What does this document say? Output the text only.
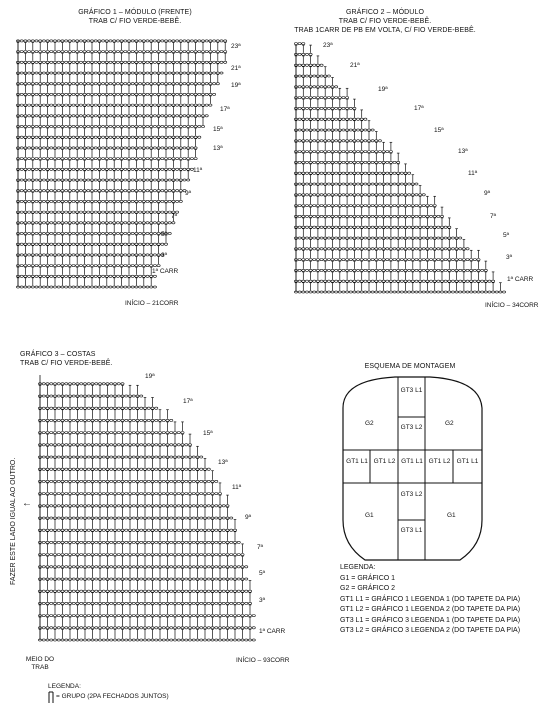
GRÁFICO 1 – MÓDULO (FRENTE)
TRAB C/ FIO VERDE-BEBÊ.
23ª
21ª
19ª
17ª
15ª
13ª
11ª
9ª
7ª
5ª
3ª
1ª CARR
INÍCIO – 21CORR
GRÁFICO 2 – MÓDULO
TRAB C/ FIO VERDE-BEBÊ.
TRAB 1CARR DE PB EM VOLTA, C/ FIO VERDE-BEBÊ.
23ª
21ª
19ª
17ª
15ª
13ª
11ª
9ª
7ª
5ª
3ª
1ª CARR
INÍCIO – 34CORR
GRÁFICO 3 – COSTAS
TRAB C/ FIO VERDE-BEBÊ.
19ª
17ª
15ª
13ª
11ª
9ª
7ª
5ª
3ª
1ª CARR
FAZER ESTE LADO IGUAL AO OUTRO. ←
MEIO DO TRAB
INÍCIO – 93CORR
LEGENDA:
= GRUPO (2PA FECHADOS JUNTOS)
ESQUEMA DE MONTAGEM
G2	G2
GT3 L1
GT3 L2
GT1 L1 GT1 L2 GT1 L1 GT1 L2 GT1 L1
GT3 L2
GT3 L1
G1	G1
LEGENDA:
G1 = GRÁFICO 1
G2 = GRÁFICO 2
GT1 L1 = GRÁFICO 1 LEGENDA 1 (DO TAPETE DA PIA)
GT1 L2 = GRÁFICO 1 LEGENDA 2 (DO TAPETE DA PIA)
GT3 L1 = GRÁFICO 3 LEGENDA 1 (DO TAPETE DA PIA)
GT3 L2 = GRÁFICO 3 LEGENDA 2 (DO TAPETE DA PIA)
